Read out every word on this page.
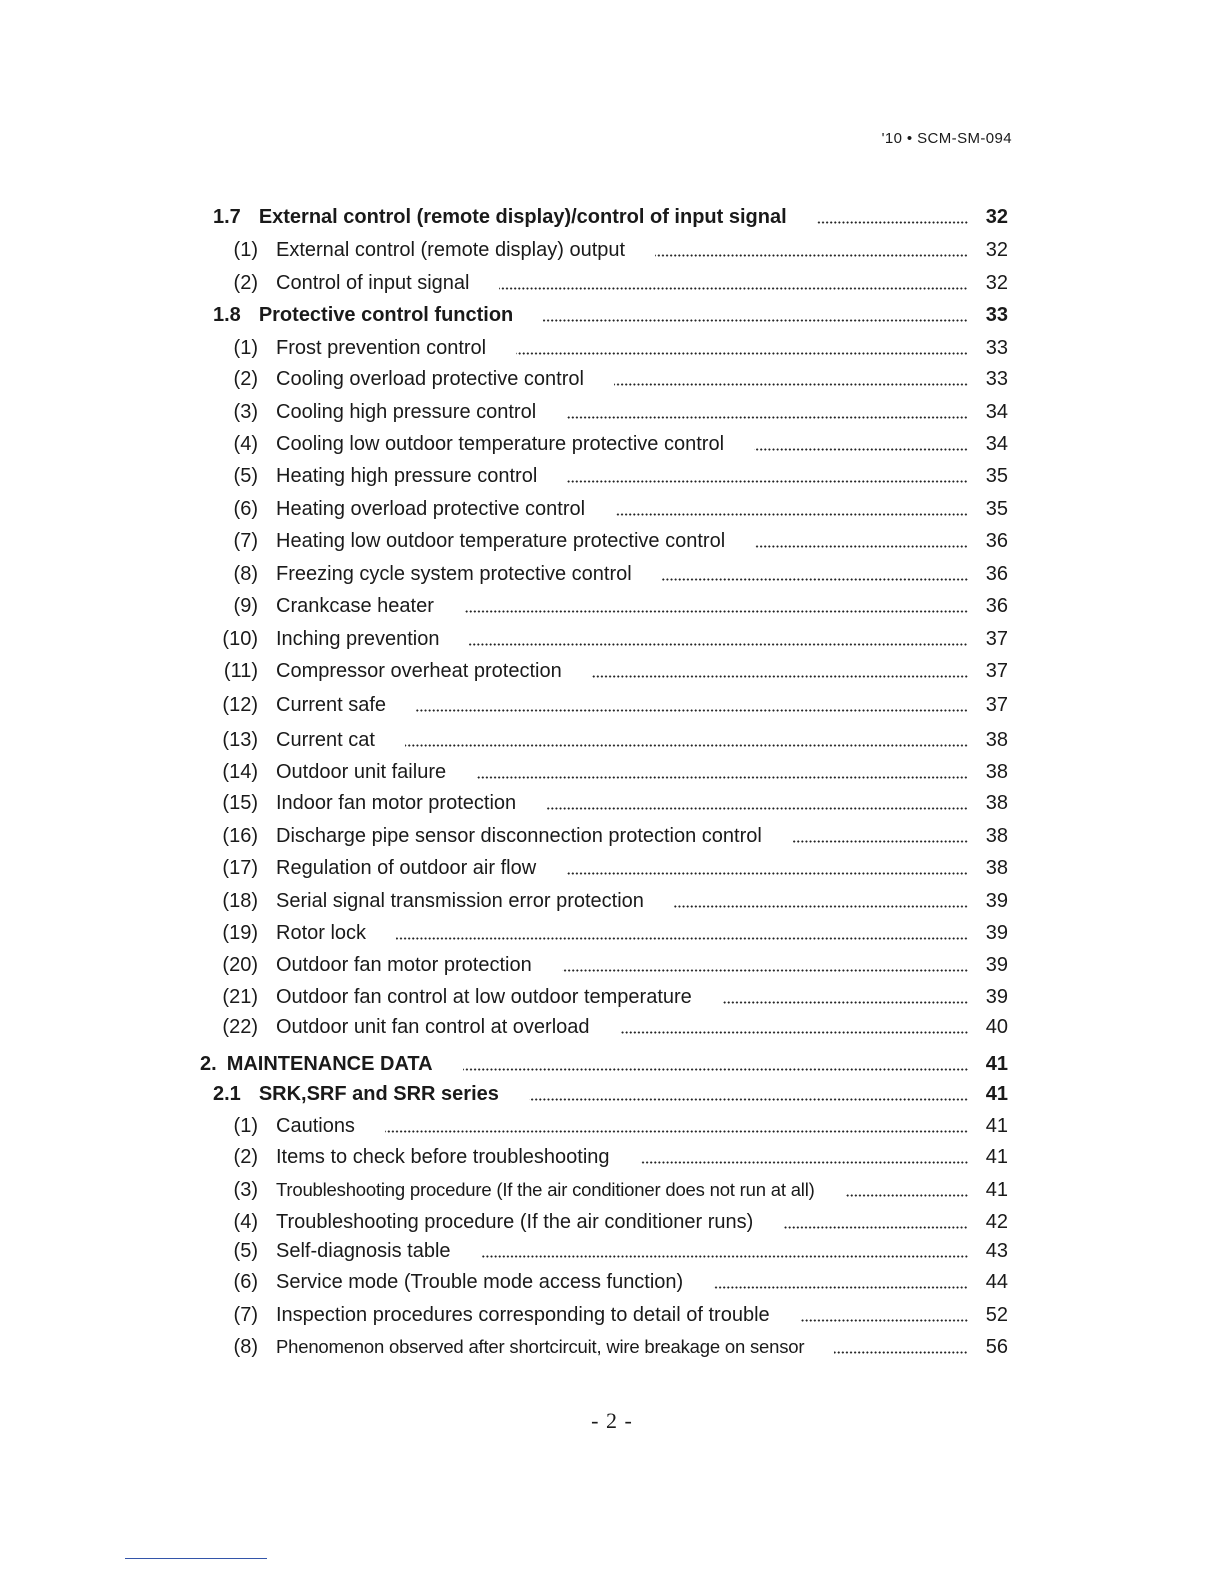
'10 • SCM-SM-094
1.7 External control (remote display)/control of input signal	32
(1) External control (remote display) output	32
(2) Control of input signal	32
1.8 Protective control function	33
(1) Frost prevention control	33
(2) Cooling overload protective control	33
(3) Cooling high pressure control	34
(4) Cooling low outdoor temperature protective control	34
(5) Heating high pressure control	35
(6) Heating overload protective control	35
(7) Heating low outdoor temperature protective control	36
(8) Freezing cycle system protective control	36
(9) Crankcase heater	36
(10) Inching prevention	37
(11) Compressor overheat protection	37
(12) Current safe	37
(13) Current cat	38
(14) Outdoor unit failure	38
(15) Indoor fan motor protection	38
(16) Discharge pipe sensor disconnection protection control	38
(17) Regulation of outdoor air flow	38
(18) Serial signal transmission error protection	39
(19) Rotor lock	39
(20) Outdoor fan motor protection	39
(21) Outdoor fan control at low outdoor temperature	39
(22) Outdoor unit fan control at overload	40
2. MAINTENANCE DATA	41
2.1 SRK,SRF and SRR series	41
(1) Cautions	41
(2) Items to check before troubleshooting	41
(3) Troubleshooting procedure (If the air conditioner does not run at all)	41
(4) Troubleshooting procedure (If the air conditioner runs)	42
(5) Self-diagnosis table	43
(6) Service mode (Trouble mode access function)	44
(7) Inspection procedures corresponding to detail of trouble	52
(8) Phenomenon observed after shortcircuit, wire breakage on sensor	56
- 2 -
